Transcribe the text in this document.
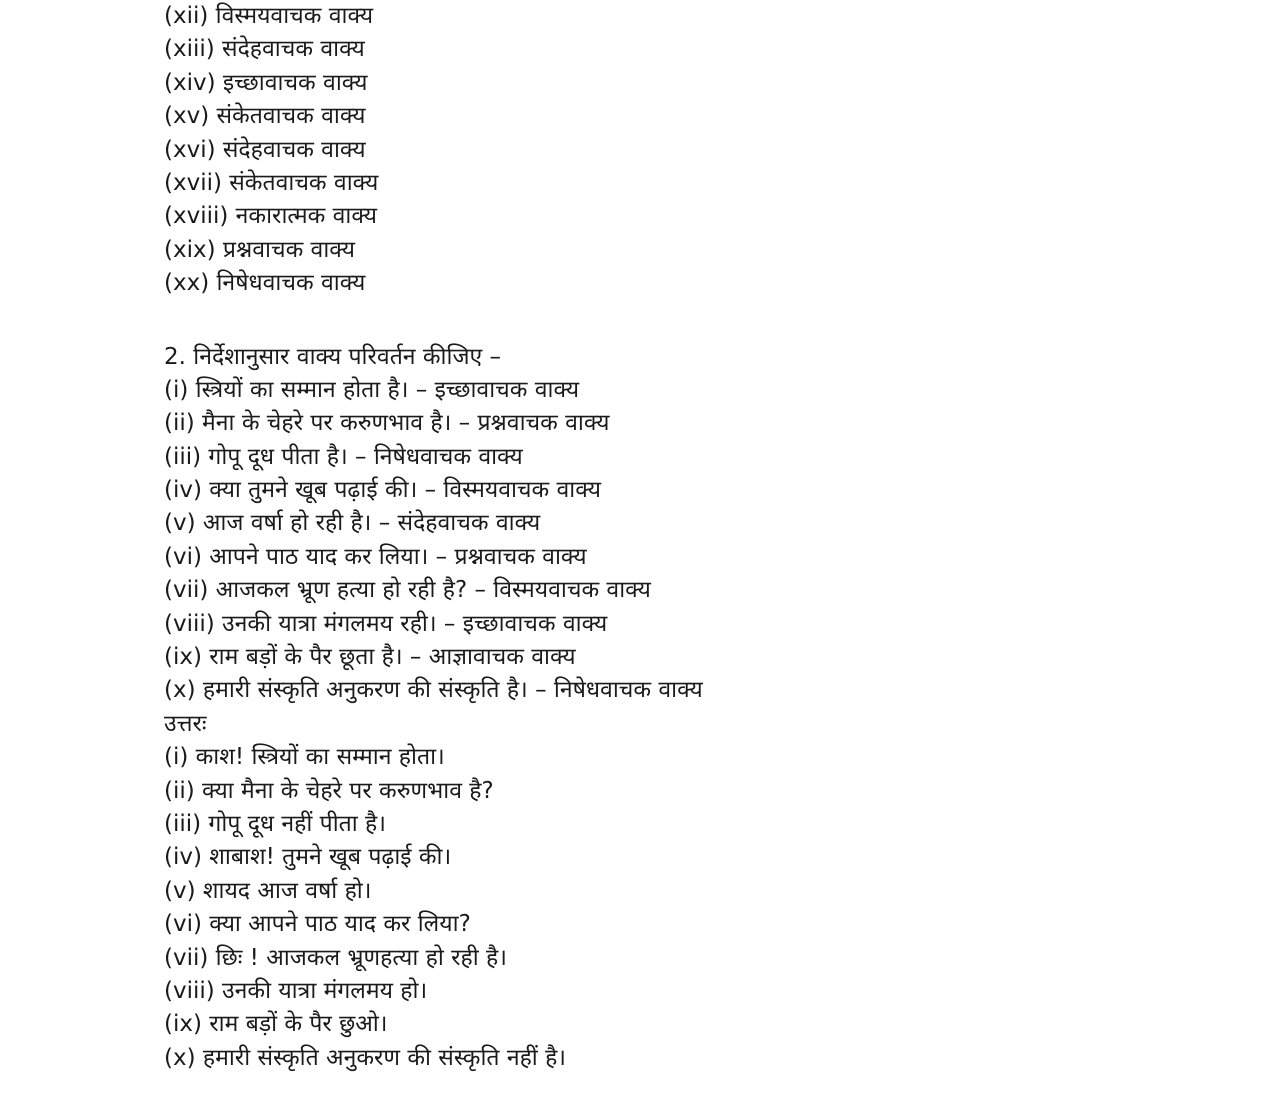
(xii) विस्मयवाचक वाक्य
(xiii) संदेहवाचक वाक्य
(xiv) इच्छावाचक वाक्य
(xv) संकेतवाचक वाक्य
(xvi) संदेहवाचक वाक्य
(xvii) संकेतवाचक वाक्य
(xviii) नकारात्मक वाक्य
(xix) प्रश्नवाचक वाक्य
(xx) निषेधवाचक वाक्य
2. निर्देशानुसार वाक्य परिवर्तन कीजिए –
(i) स्त्रियों का सम्मान होता है। – इच्छावाचक वाक्य
(ii) मैना के चेहरे पर करुणभाव है। – प्रश्नवाचक वाक्य
(iii) गोपू दूध पीता है। – निषेधवाचक वाक्य
(iv) क्या तुमने खूब पढ़ाई की। – विस्मयवाचक वाक्य
(v) आज वर्षा हो रही है। – संदेहवाचक वाक्य
(vi) आपने पाठ याद कर लिया। – प्रश्नवाचक वाक्य
(vii) आजकल भ्रूण हत्या हो रही है? – विस्मयवाचक वाक्य
(viii) उनकी यात्रा मंगलमय रही। – इच्छावाचक वाक्य
(ix) राम बड़ों के पैर छूता है। – आज्ञावाचक वाक्य
(x) हमारी संस्कृति अनुकरण की संस्कृति है। – निषेधवाचक वाक्य
उत्तरः
(i) काश! स्त्रियों का सम्मान होता।
(ii) क्या मैना के चेहरे पर करुणभाव है?
(iii) गोपू दूध नहीं पीता है।
(iv) शाबाश! तुमने खूब पढ़ाई की।
(v) शायद आज वर्षा हो।
(vi) क्या आपने पाठ याद कर लिया?
(vii) छिः ! आजकल भ्रूणहत्या हो रही है।
(viii) उनकी यात्रा मंगलमय हो।
(ix) राम बड़ों के पैर छुओ।
(x) हमारी संस्कृति अनुकरण की संस्कृति नहीं है।
